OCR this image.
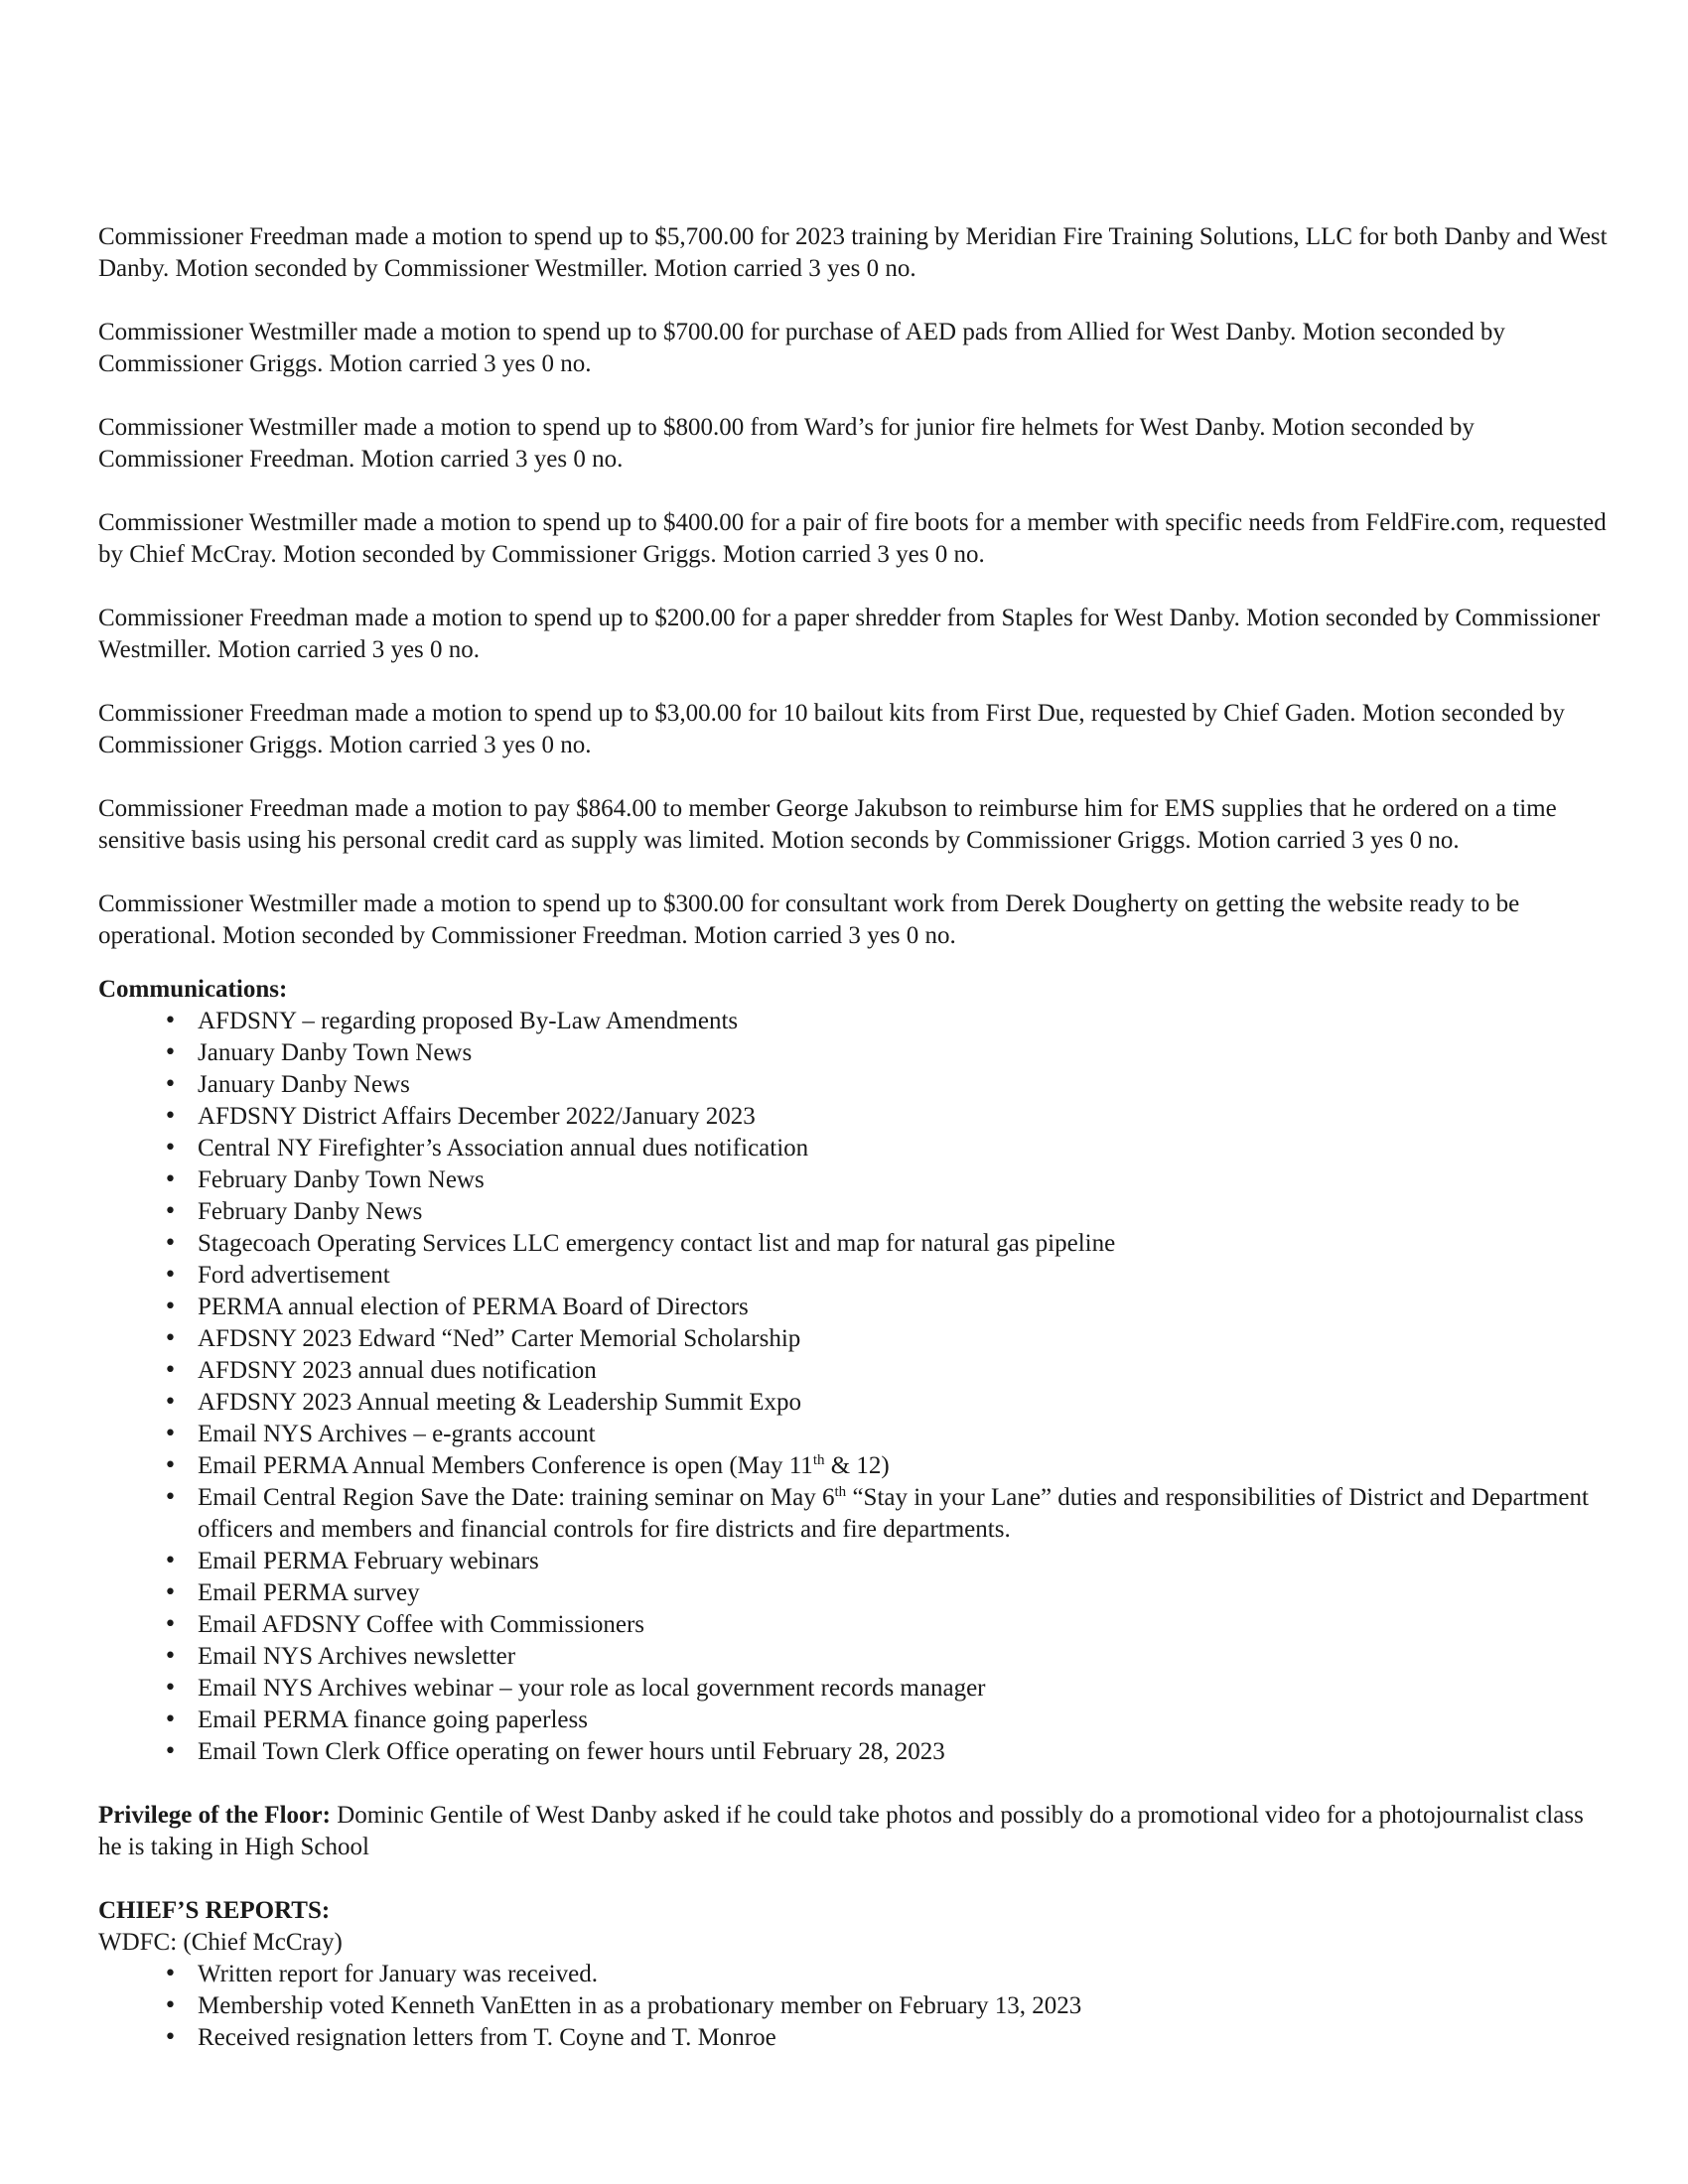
Commissioner Freedman made a motion to spend up to $5,700.00 for 2023 training by Meridian Fire Training Solutions, LLC for both Danby and West Danby. Motion seconded by Commissioner Westmiller. Motion carried 3 yes 0 no.

Commissioner Westmiller made a motion to spend up to $700.00 for purchase of AED pads from Allied for West Danby. Motion seconded by Commissioner Griggs. Motion carried 3 yes 0 no.

Commissioner Westmiller made a motion to spend up to $800.00 from Ward’s for junior fire helmets for West Danby. Motion seconded by Commissioner Freedman. Motion carried 3 yes 0 no.

Commissioner Westmiller made a motion to spend up to $400.00 for a pair of fire boots for a member with specific needs from FeldFire.com, requested by Chief McCray. Motion seconded by Commissioner Griggs. Motion carried 3 yes 0 no.

Commissioner Freedman made a motion to spend up to $200.00 for a paper shredder from Staples for West Danby. Motion seconded by Commissioner Westmiller. Motion carried 3 yes 0 no.

Commissioner Freedman made a motion to spend up to $3,00.00 for 10 bailout kits from First Due, requested by Chief Gaden. Motion seconded by Commissioner Griggs. Motion carried 3 yes 0 no.

Commissioner Freedman made a motion to pay $864.00 to member George Jakubson to reimburse him for EMS supplies that he ordered on a time sensitive basis using his personal credit card as supply was limited. Motion seconds by Commissioner Griggs. Motion carried 3 yes 0 no.

Commissioner Westmiller made a motion to spend up to $300.00 for consultant work from Derek Dougherty on getting the website ready to be operational. Motion seconded by Commissioner Freedman. Motion carried 3 yes 0 no.

Communications:

• AFDSNY – regarding proposed By-Law Amendments
• January Danby Town News
• January Danby News
• AFDSNY District Affairs December 2022/January 2023
• Central NY Firefighter’s Association annual dues notification
• February Danby Town News
• February Danby News
• Stagecoach Operating Services LLC emergency contact list and map for natural gas pipeline
• Ford advertisement
• PERMA annual election of PERMA Board of Directors
• AFDSNY 2023 Edward “Ned” Carter Memorial Scholarship
• AFDSNY 2023 annual dues notification
• AFDSNY 2023 Annual meeting & Leadership Summit Expo
• Email NYS Archives – e-grants account
• Email PERMA Annual Members Conference is open (May 11th & 12)
• Email Central Region Save the Date: training seminar on May 6th “Stay in your Lane” duties and responsibilities of District and Department officers and members and financial controls for fire districts and fire departments.
• Email PERMA February webinars
• Email PERMA survey
• Email AFDSNY Coffee with Commissioners
• Email NYS Archives newsletter
• Email NYS Archives webinar – your role as local government records manager
• Email PERMA finance going paperless
• Email Town Clerk Office operating on fewer hours until February 28, 2023

Privilege of the Floor: Dominic Gentile of West Danby asked if he could take photos and possibly do a promotional video for a photojournalist class he is taking in High School

CHIEF’S REPORTS:

WDFC: (Chief McCray)

• Written report for January was received.
• Membership voted Kenneth VanEtten in as a probationary member on February 13, 2023
• Received resignation letters from T. Coyne and T. Monroe
